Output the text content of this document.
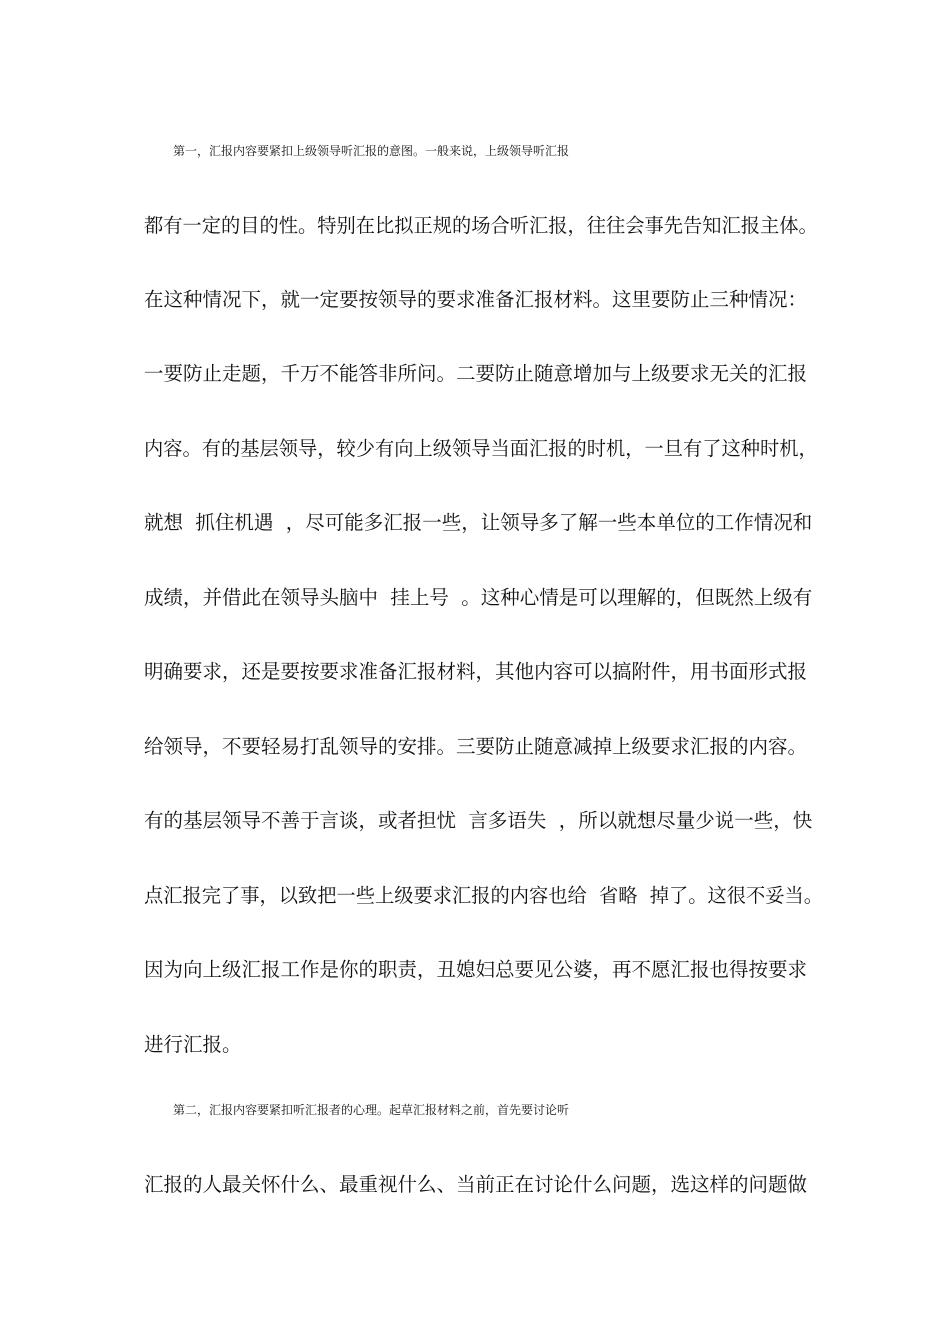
第一，汇报内容要紧扣上级领导听汇报的意图。一般来说，上级领导听汇报
都有一定的目的性。特别在比拟正规的场合听汇报，往往会事先告知汇报主体。
在这种情况下，就一定要按领导的要求准备汇报材料。这里要防止三种情况：
一要防止走题，千万不能答非所问。二要防止随意增加与上级要求无关的汇报
内容。有的基层领导，较少有向上级领导当面汇报的时机，一旦有了这种时机，
就想  抓住机遇  ，尽可能多汇报一些，让领导多了解一些本单位的工作情况和
成绩，并借此在领导头脑中  挂上号  。这种心情是可以理解的，但既然上级有
明确要求，还是要按要求准备汇报材料，其他内容可以搞附件，用书面形式报
给领导，不要轻易打乱领导的安排。三要防止随意减掉上级要求汇报的内容。
有的基层领导不善于言谈，或者担忧  言多语失  ，所以就想尽量少说一些，快
点汇报完了事，以致把一些上级要求汇报的内容也给  省略  掉了。这很不妥当。
因为向上级汇报工作是你的职责，丑媳妇总要见公婆，再不愿汇报也得按要求
进行汇报。
第二，汇报内容要紧扣听汇报者的心理。起草汇报材料之前，首先要讨论听
汇报的人最关怀什么、最重视什么、当前正在讨论什么问题，选这样的问题做
